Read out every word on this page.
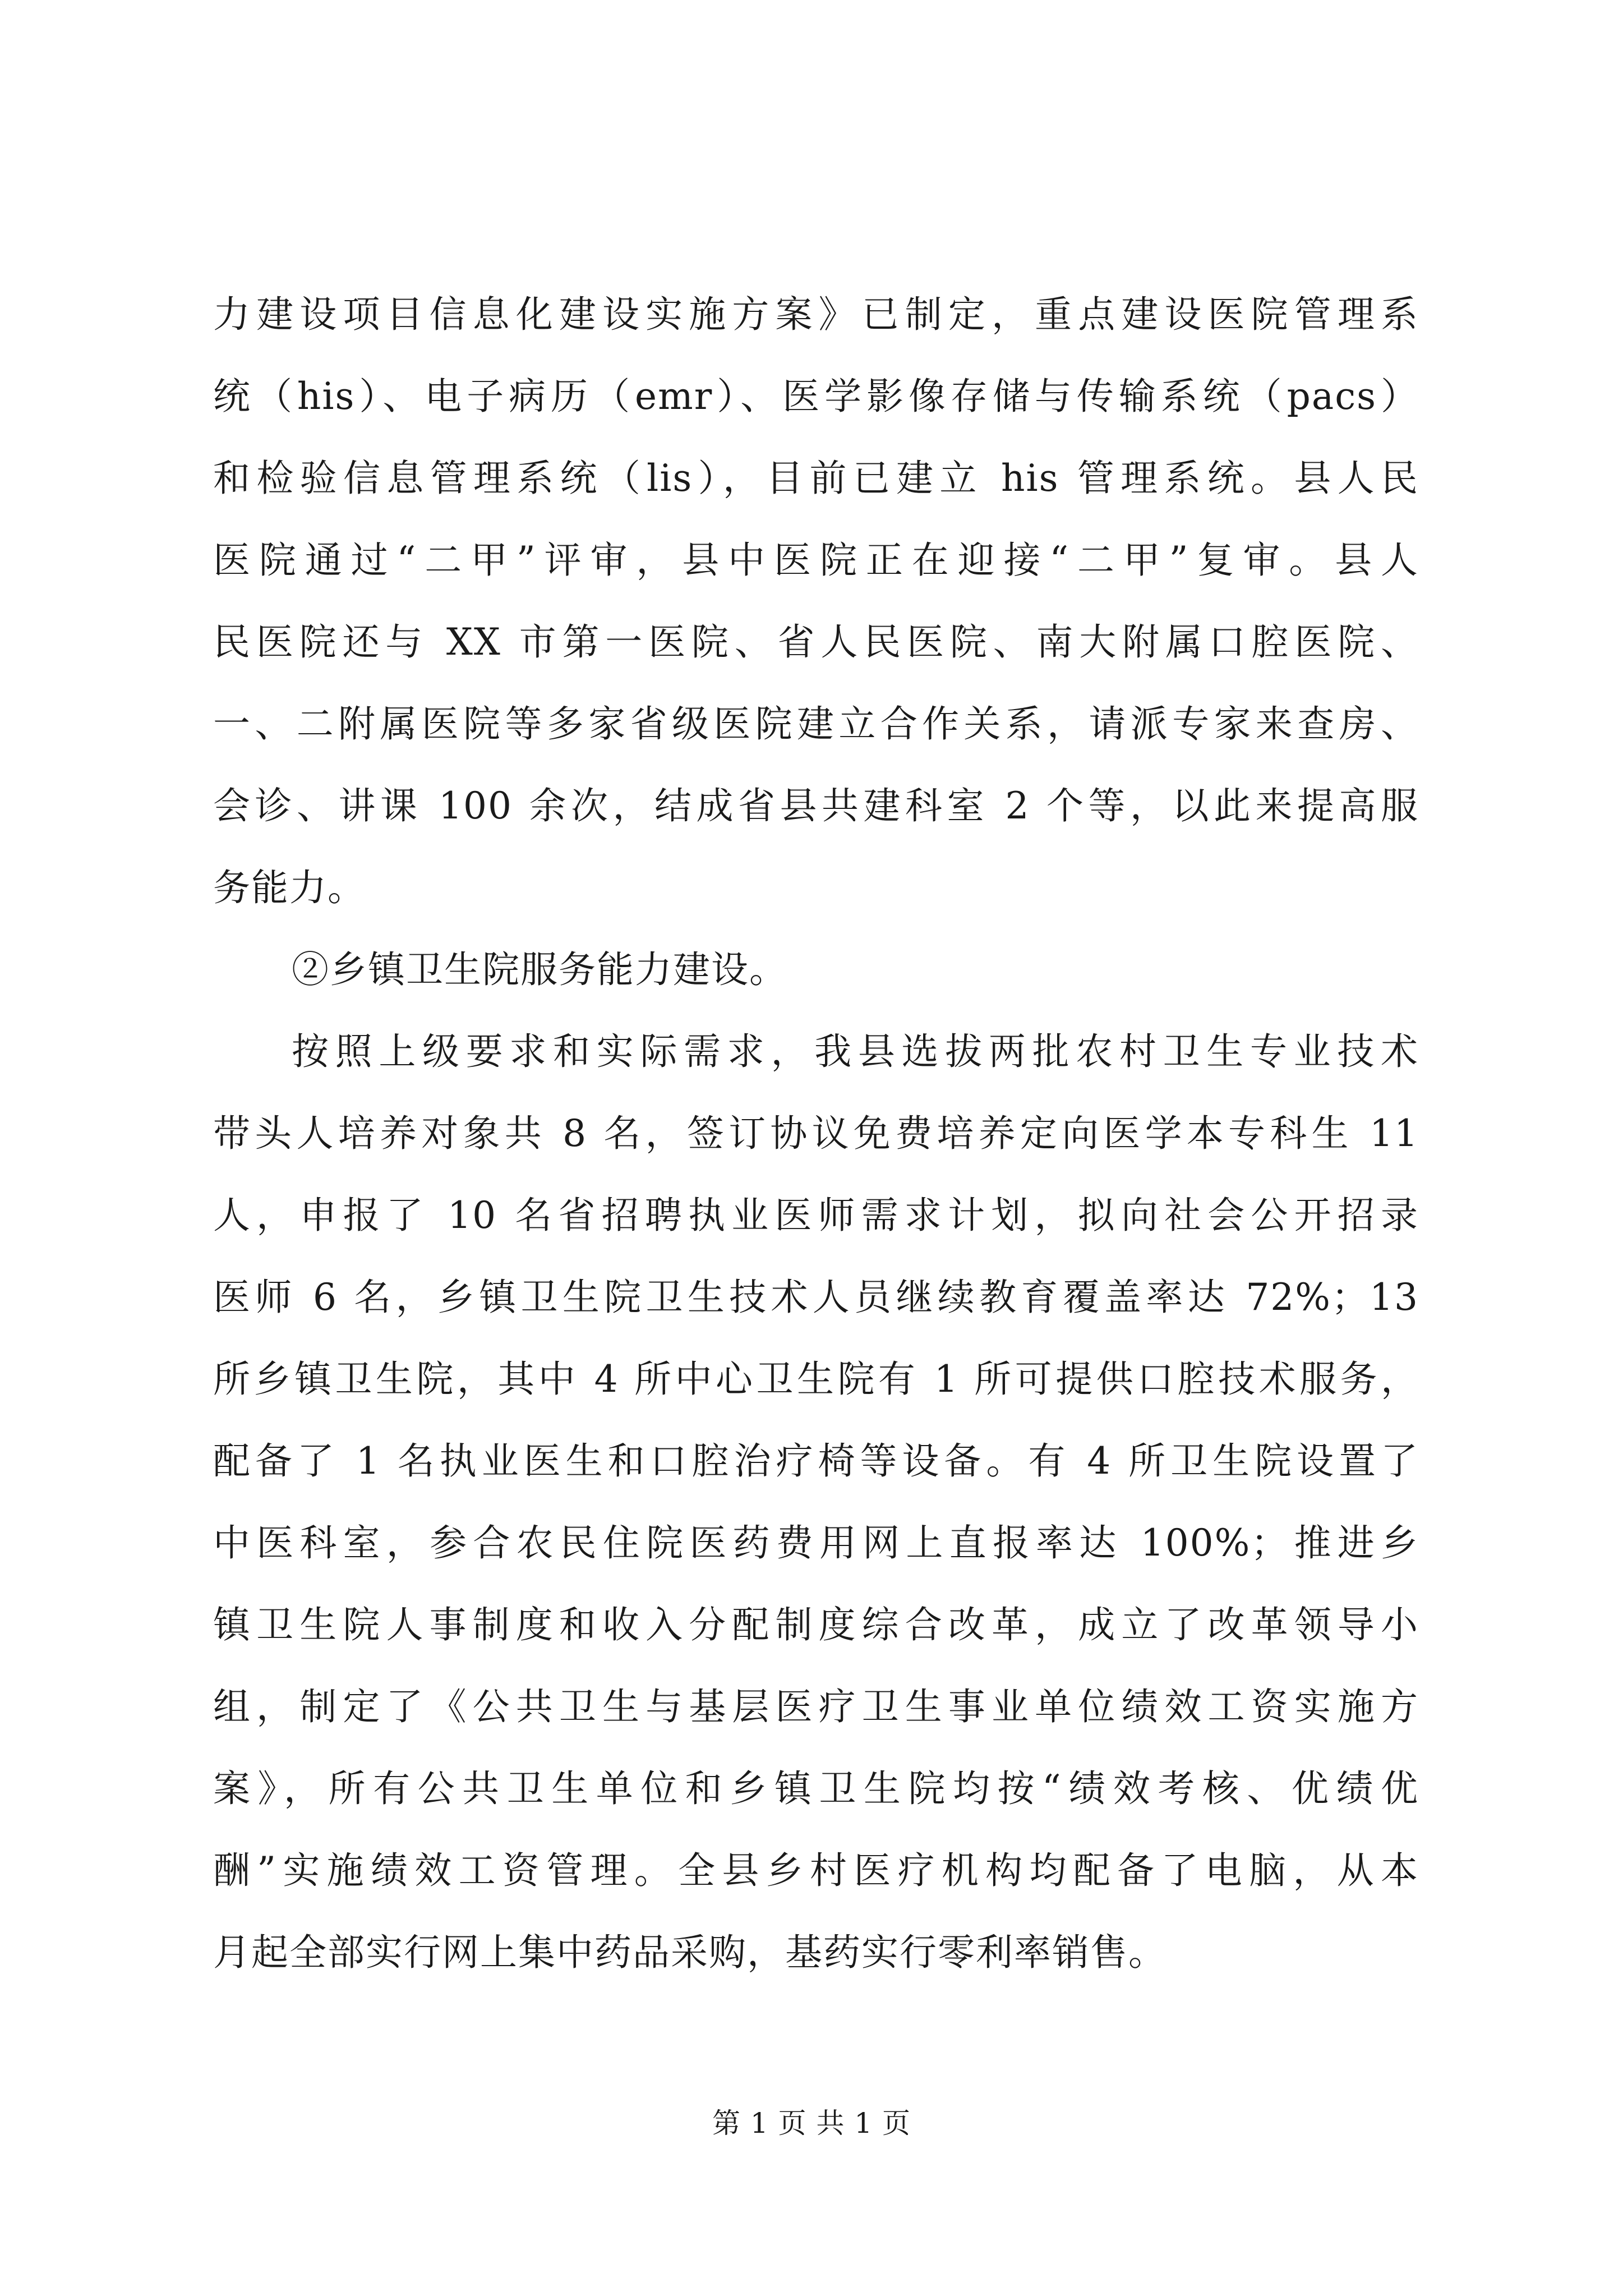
力建设项目信息化建设实施方案》已制定，重点建设医院管理系
统（his）、电子病历（emr）、医学影像存储与传输系统（pacs）
和检验信息管理系统（lis），目前已建立 his 管理系统。县人民
医院通过“二甲”评审，县中医院正在迎接“二甲”复审。县人
民医院还与 XX 市第一医院、省人民医院、南大附属口腔医院、
一、二附属医院等多家省级医院建立合作关系，请派专家来查房、
会诊、讲课 100 余次，结成省县共建科室 2 个等，以此来提高服
务能力。
②乡镇卫生院服务能力建设。
按照上级要求和实际需求，我县选拔两批农村卫生专业技术
带头人培养对象共 8 名，签订协议免费培养定向医学本专科生 11
人，申报了 10 名省招聘执业医师需求计划，拟向社会公开招录
医师 6 名，乡镇卫生院卫生技术人员继续教育覆盖率达 72%；13
所乡镇卫生院，其中 4 所中心卫生院有 1 所可提供口腔技术服务，
配备了 1 名执业医生和口腔治疗椅等设备。有 4 所卫生院设置了
中医科室，参合农民住院医药费用网上直报率达 100%；推进乡
镇卫生院人事制度和收入分配制度综合改革，成立了改革领导小
组，制定了《公共卫生与基层医疗卫生事业单位绩效工资实施方
案》，所有公共卫生单位和乡镇卫生院均按“绩效考核、优绩优
酬”实施绩效工资管理。全县乡村医疗机构均配备了电脑，从本
月起全部实行网上集中药品采购，基药实行零利率销售。
第 1 页 共 1 页
